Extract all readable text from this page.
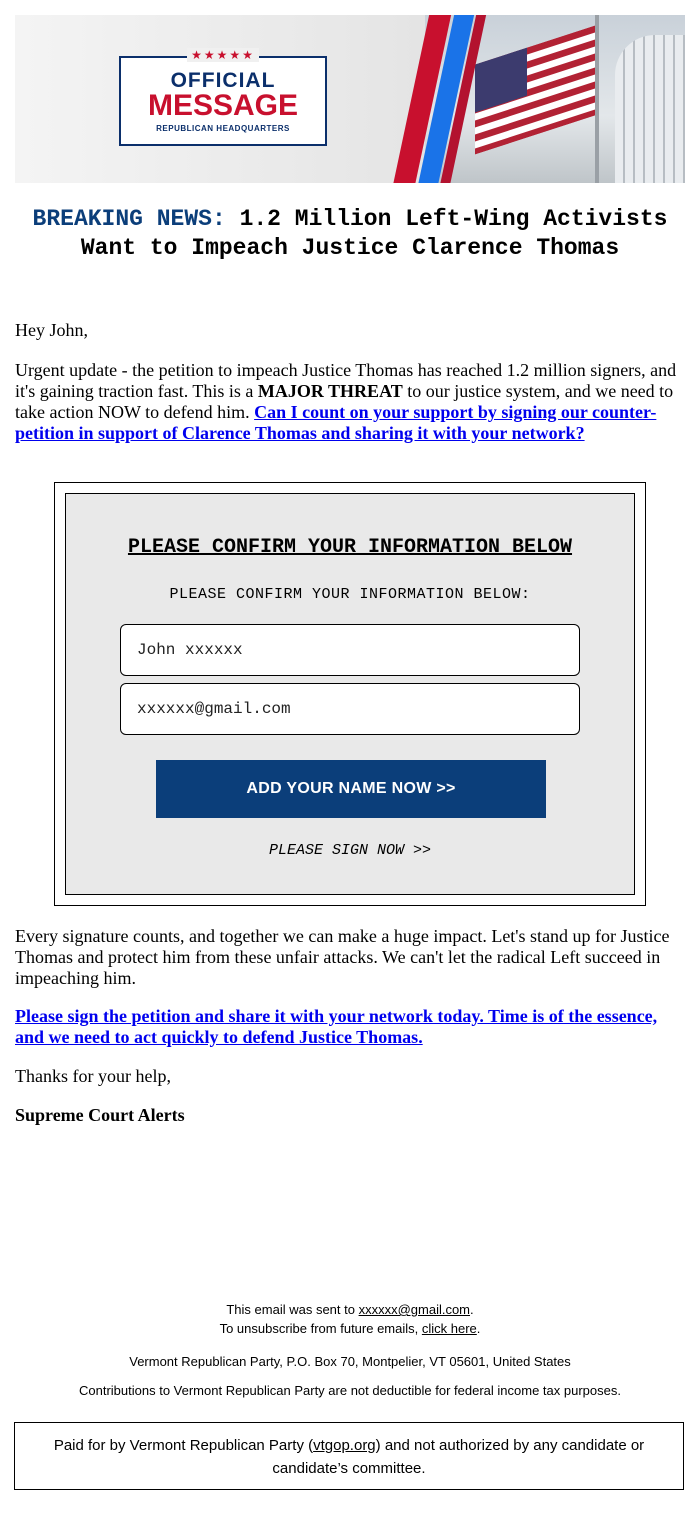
★★★★★
OFFICIAL
MESSAGE
REPUBLICAN HEADQUARTERS
BREAKING NEWS: 1.2 Million Left-Wing Activists Want to Impeach Justice Clarence Thomas

Hey John,

Urgent update - the petition to impeach Justice Thomas has reached 1.2 million signers, and it's gaining traction fast. This is a MAJOR THREAT to our justice system, and we need to take action NOW to defend him. Can I count on your support by signing our counter-petition in support of Clarence Thomas and sharing it with your network?

PLEASE CONFIRM YOUR INFORMATION BELOW
PLEASE CONFIRM YOUR INFORMATION BELOW:
John xxxxxx
xxxxxx@gmail.com
ADD YOUR NAME NOW >>
PLEASE SIGN NOW >>

Every signature counts, and together we can make a huge impact. Let's stand up for Justice Thomas and protect him from these unfair attacks. We can't let the radical Left succeed in impeaching him.

Please sign the petition and share it with your network today. Time is of the essence, and we need to act quickly to defend Justice Thomas.

Thanks for your help,

Supreme Court Alerts

This email was sent to xxxxxx@gmail.com.
To unsubscribe from future emails, click here.
Vermont Republican Party, P.O. Box 70, Montpelier, VT 05601, United States
Contributions to Vermont Republican Party are not deductible for federal income tax purposes.
Paid for by Vermont Republican Party (vtgop.org) and not authorized by any candidate or candidate’s committee.
